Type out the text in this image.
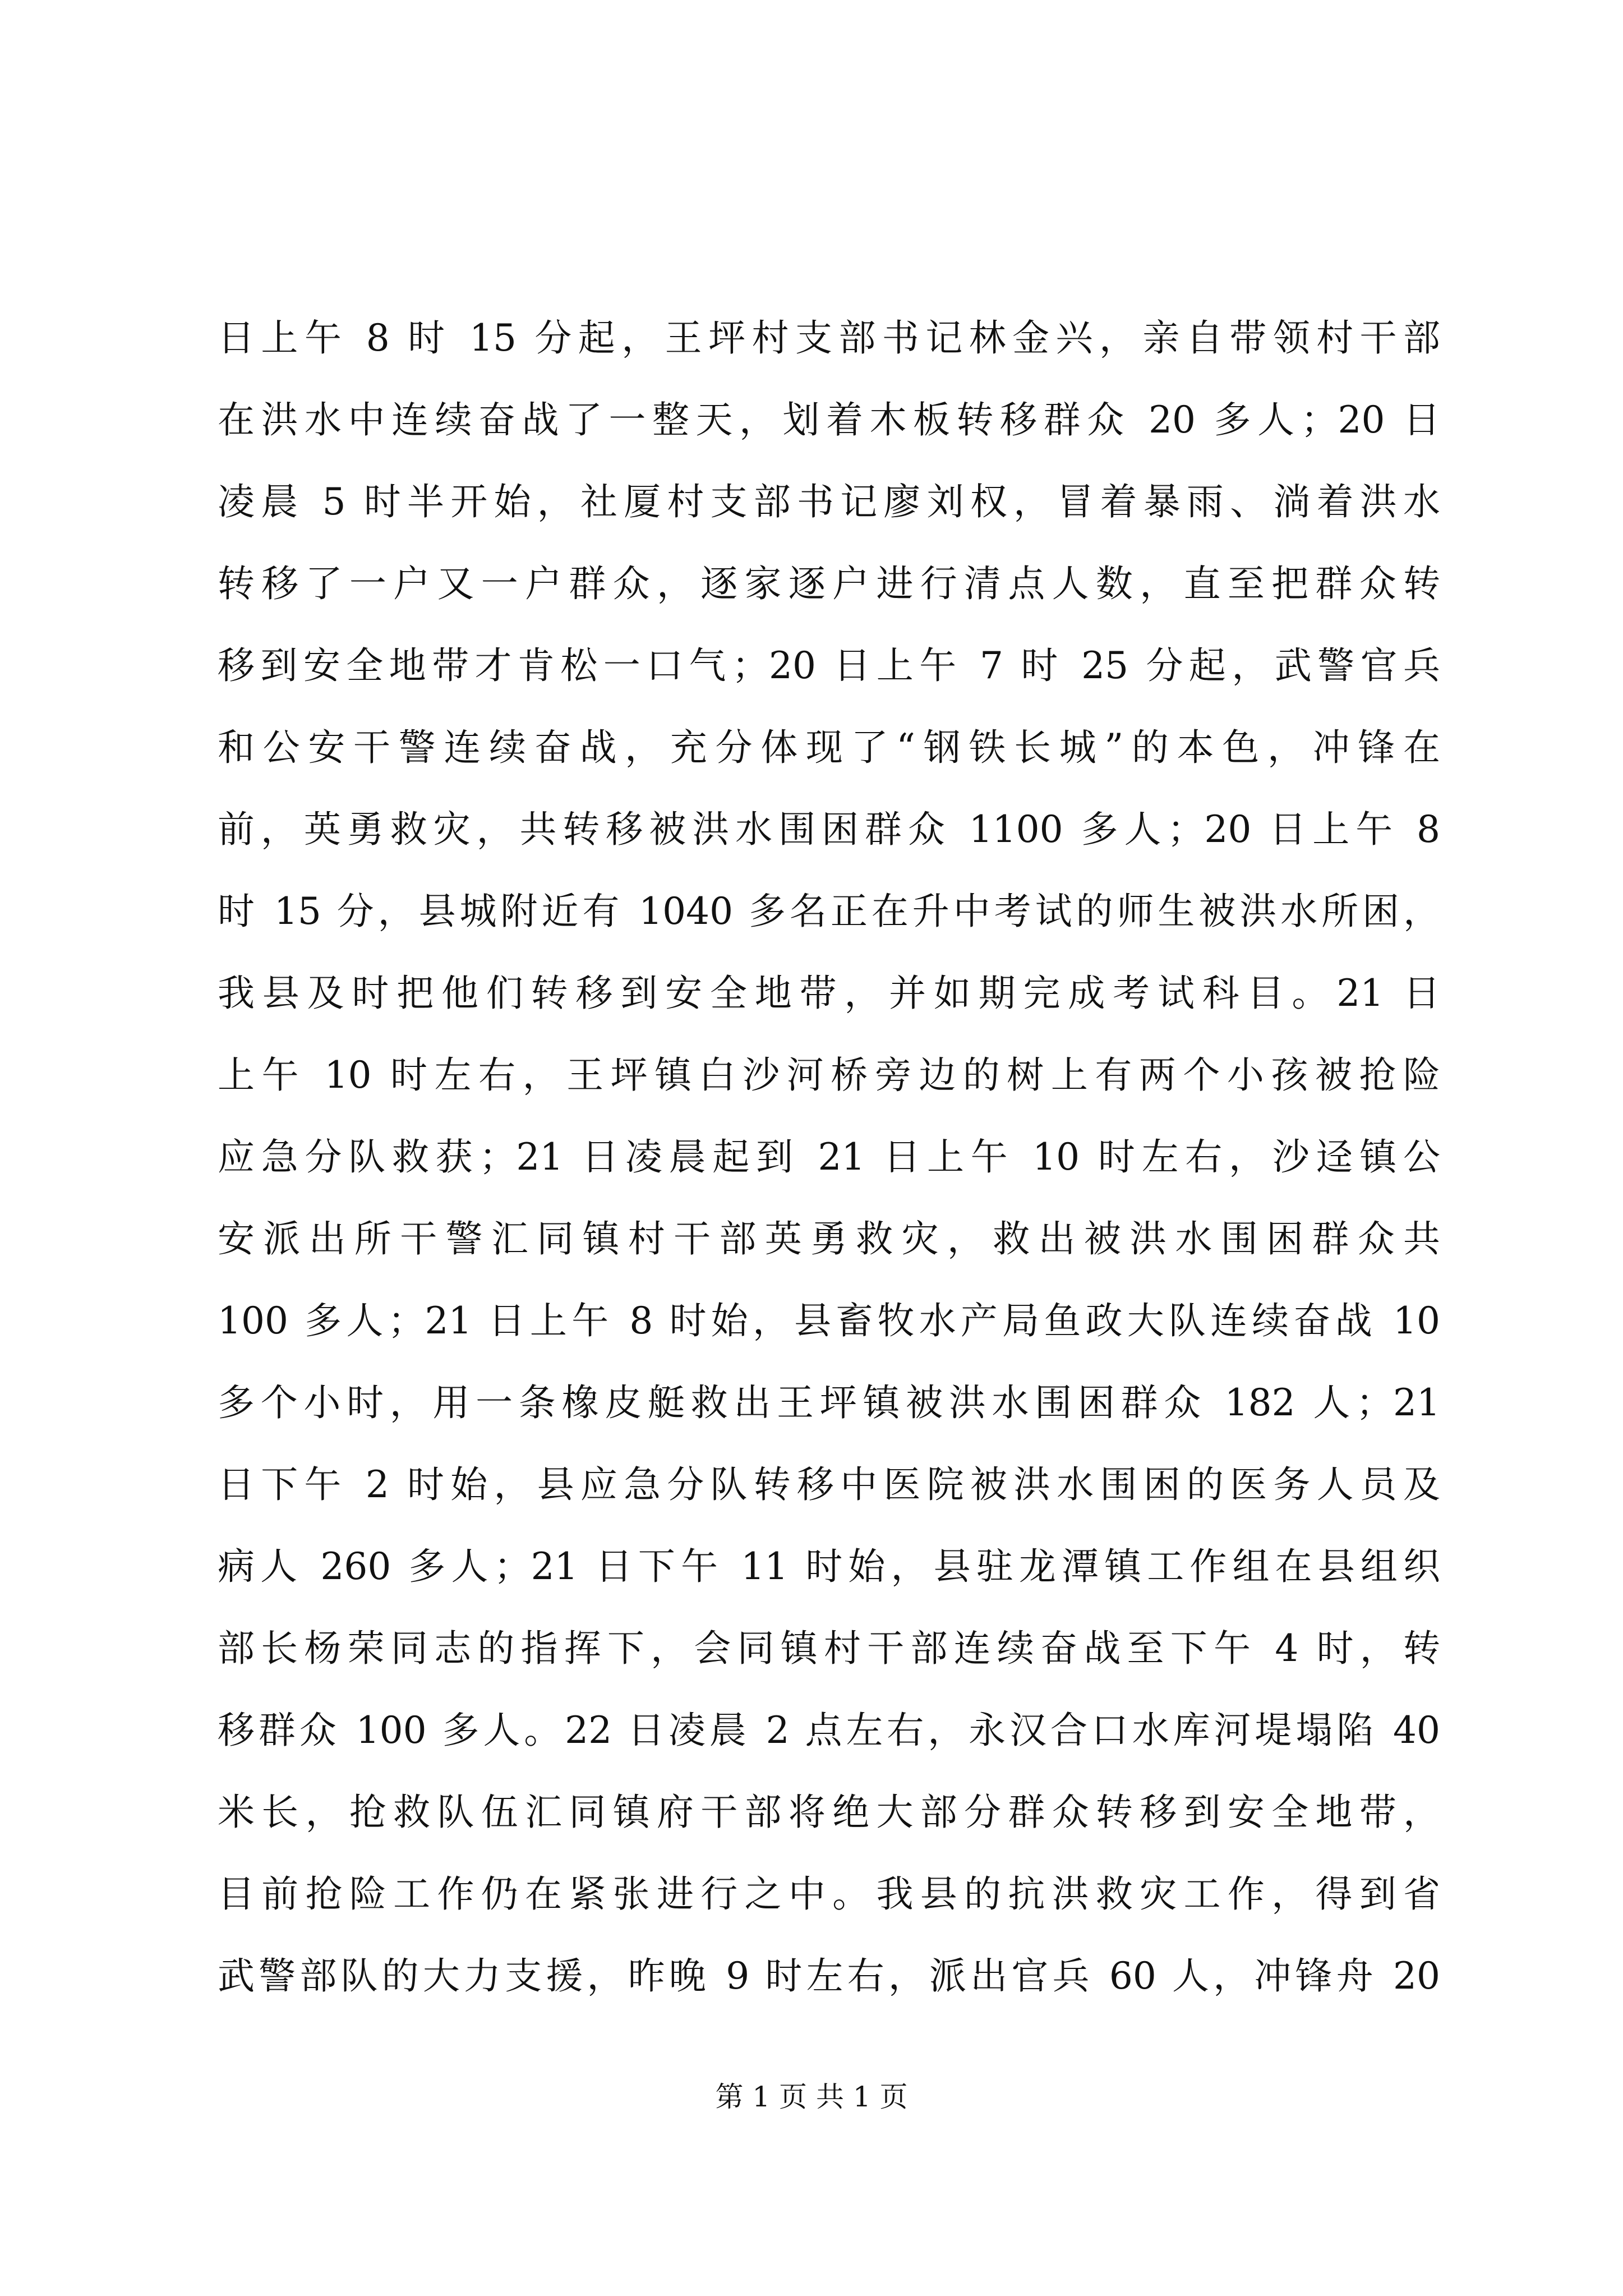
日上午 8 时 15 分起，王坪村支部书记林金兴，亲自带领村干部
在洪水中连续奋战了一整天，划着木板转移群众 20 多人；20 日
凌晨 5 时半开始，社厦村支部书记廖刘权，冒着暴雨、淌着洪水
转移了一户又一户群众，逐家逐户进行清点人数，直至把群众转
移到安全地带才肯松一口气；20 日上午 7 时 25 分起，武警官兵
和公安干警连续奋战，充分体现了“钢铁长城”的本色，冲锋在
前，英勇救灾，共转移被洪水围困群众 1100 多人；20 日上午 8
时 15 分，县城附近有 1040 多名正在升中考试的师生被洪水所困，
我县及时把他们转移到安全地带，并如期完成考试科目。21 日
上午 10 时左右，王坪镇白沙河桥旁边的树上有两个小孩被抢险
应急分队救获；21 日凌晨起到 21 日上午 10 时左右，沙迳镇公
安派出所干警汇同镇村干部英勇救灾，救出被洪水围困群众共
100 多人；21 日上午 8 时始，县畜牧水产局鱼政大队连续奋战 10
多个小时，用一条橡皮艇救出王坪镇被洪水围困群众 182 人；21
日下午 2 时始，县应急分队转移中医院被洪水围困的医务人员及
病人 260 多人；21 日下午 11 时始，县驻龙潭镇工作组在县组织
部长杨荣同志的指挥下，会同镇村干部连续奋战至下午 4 时，转
移群众 100 多人。22 日凌晨 2 点左右，永汉合口水库河堤塌陷 40
米长，抢救队伍汇同镇府干部将绝大部分群众转移到安全地带，
目前抢险工作仍在紧张进行之中。我县的抗洪救灾工作，得到省
武警部队的大力支援，昨晚 9 时左右，派出官兵 60 人，冲锋舟 20
第 1 页 共 1 页
